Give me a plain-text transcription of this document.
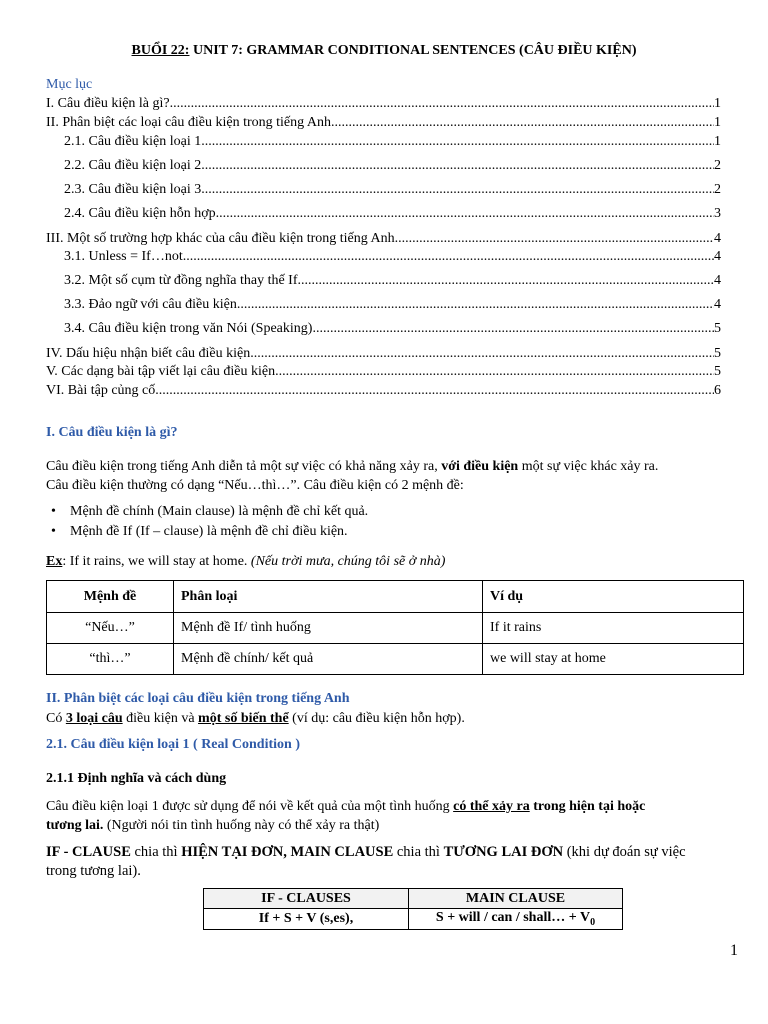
BUỔI 22: UNIT 7: GRAMMAR CONDITIONAL SENTENCES (CÂU ĐIỀU KIỆN)
Mục lục
I. Câu điều kiện là gì? .....	1
II. Phân biệt các loại câu điều kiện trong tiếng Anh .....	1
2.1. Câu điều kiện loại 1 .....	1
2.2. Câu điều kiện loại 2 .....	2
2.3. Câu điều kiện loại 3 .....	2
2.4. Câu điều kiện hỗn hợp .....	3
III. Một số trường hợp khác của câu điều kiện trong tiếng Anh .....	4
3.1. Unless = If…not .....	4
3.2. Một số cụm từ đồng nghĩa thay thế If .....	4
3.3. Đảo ngữ với câu điều kiện .....	4
3.4. Câu điều kiện trong văn Nói (Speaking) .....	5
IV. Dấu hiệu nhận biết câu điều kiện .....	5
V. Các dạng bài tập viết lại câu điều kiện .....	5
VI. Bài tập củng cố .....	6
I. Câu điều kiện là gì?
Câu điều kiện trong tiếng Anh diễn tả một sự việc có khả năng xảy ra, với điều kiện một sự việc khác xảy ra.
Câu điều kiện thường có dạng “Nếu…thì…”. Câu điều kiện có 2 mệnh đề:
• Mệnh đề chính (Main clause) là mệnh đề chỉ kết quả.
• Mệnh đề If (If – clause) là mệnh đề chỉ điều kiện.
Ex: If it rains, we will stay at home. (Nếu trời mưa, chúng tôi sẽ ở nhà)
Mệnh đề	Phân loại	Ví dụ
“Nếu…”	Mệnh đề If/ tình huống	If it rains
“thì…”	Mệnh đề chính/ kết quả	we will stay at home
II. Phân biệt các loại câu điều kiện trong tiếng Anh
Có 3 loại câu điều kiện và một số biến thể (ví dụ: câu điều kiện hỗn hợp).
2.1. Câu điều kiện loại 1 ( Real Condition )
2.1.1 Định nghĩa và cách dùng
Câu điều kiện loại 1 được sử dụng để nói về kết quả của một tình huống có thể xảy ra trong hiện tại hoặc
tương lai. (Người nói tin tình huống này có thể xảy ra thật)
IF - CLAUSE chia thì HIỆN TẠI ĐƠN, MAIN CLAUSE chia thì TƯƠNG LAI ĐƠN (khi dự đoán sự việc
trong tương lai).
IF - CLAUSES	MAIN CLAUSE
If + S + V (s,es),	S + will / can / shall… + $V_0$
1
